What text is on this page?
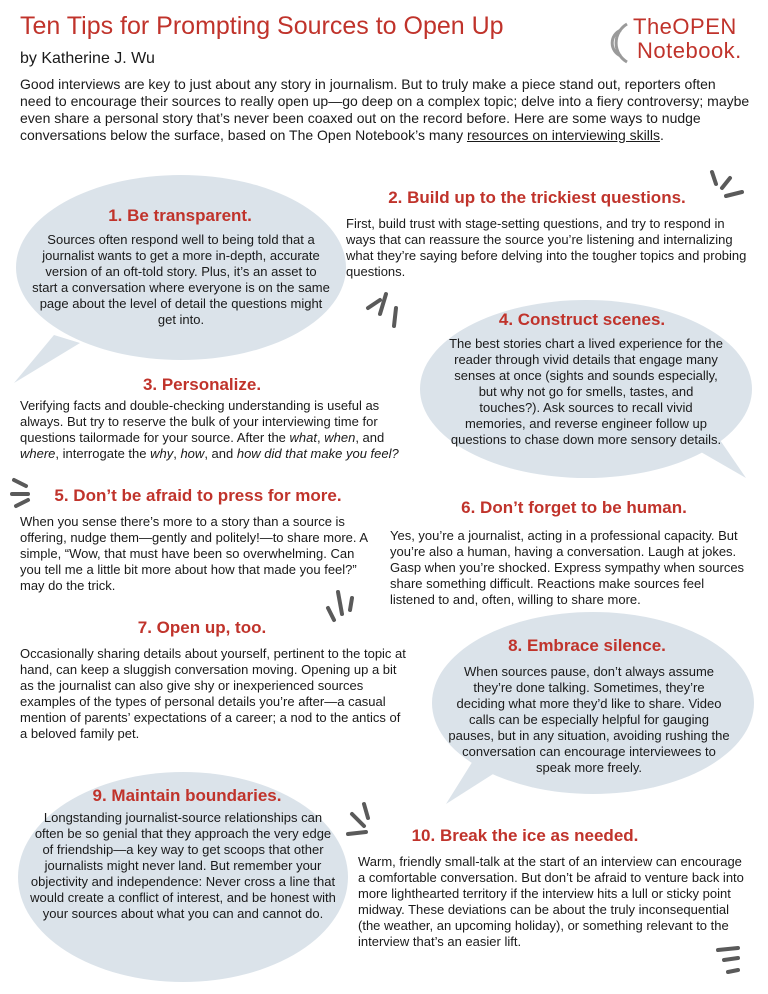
Ten Tips for Prompting Sources to Open Up
by Katherine J. Wu
TheOPEN
Notebook.
Good interviews are key to just about any story in journalism. But to truly make a piece stand out, reporters often need to encourage their sources to really open up—go deep on a complex topic; delve into a fiery controversy; maybe even share a personal story that’s never been coaxed out on the record before. Here are some ways to nudge conversations below the surface, based on The Open Notebook’s many resources on interviewing skills.
1. Be transparent.
Sources often respond well to being told that a journalist wants to get a more in-depth, accurate version of an oft-told story. Plus, it’s an asset to start a conversation where everyone is on the same page about the level of detail the questions might get into.
2. Build up to the trickiest questions.
First, build trust with stage-setting questions, and try to respond in ways that can reassure the source you’re listening and internalizing what they’re saying before delving into the tougher topics and probing questions.
4. Construct scenes.
The best stories chart a lived experience for the reader through vivid details that engage many senses at once (sights and sounds especially, but why not go for smells, tastes, and touches?). Ask sources to recall vivid memories, and reverse engineer follow up questions to chase down more sensory details.
3. Personalize.
Verifying facts and double-checking understanding is useful as always. But try to reserve the bulk of your interviewing time for questions tailormade for your source. After the what, when, and where, interrogate the why, how, and how did that make you feel?
5. Don’t be afraid to press for more.
When you sense there’s more to a story than a source is offering, nudge them—gently and politely!—to share more. A simple, “Wow, that must have been so overwhelming. Can you tell me a little bit more about how that made you feel?” may do the trick.
6. Don’t forget to be human.
Yes, you’re a journalist, acting in a professional capacity. But you’re also a human, having a conversation. Laugh at jokes. Gasp when you’re shocked. Express sympathy when sources share something difficult. Reactions make sources feel listened to and, often, willing to share more.
7. Open up, too.
Occasionally sharing details about yourself, pertinent to the topic at hand, can keep a sluggish conversation moving. Opening up a bit as the journalist can also give shy or inexperienced sources examples of the types of personal details you’re after—a casual mention of parents’ expectations of a career; a nod to the antics of a beloved family pet.
8. Embrace silence.
When sources pause, don’t always assume they’re done talking. Sometimes, they’re deciding what more they’d like to share. Video calls can be especially helpful for gauging pauses, but in any situation, avoiding rushing the conversation can encourage interviewees to speak more freely.
9. Maintain boundaries.
Longstanding journalist-source relationships can often be so genial that they approach the very edge of friendship—a key way to get scoops that other journalists might never land. But remember your objectivity and independence: Never cross a line that would create a conflict of interest, and be honest with your sources about what you can and cannot do.
10. Break the ice as needed.
Warm, friendly small-talk at the start of an interview can encourage a comfortable conversation. But don’t be afraid to venture back into more lighthearted territory if the interview hits a lull or sticky point midway. These deviations can be about the truly inconsequential (the weather, an upcoming holiday), or something relevant to the interview that’s an easier lift.
